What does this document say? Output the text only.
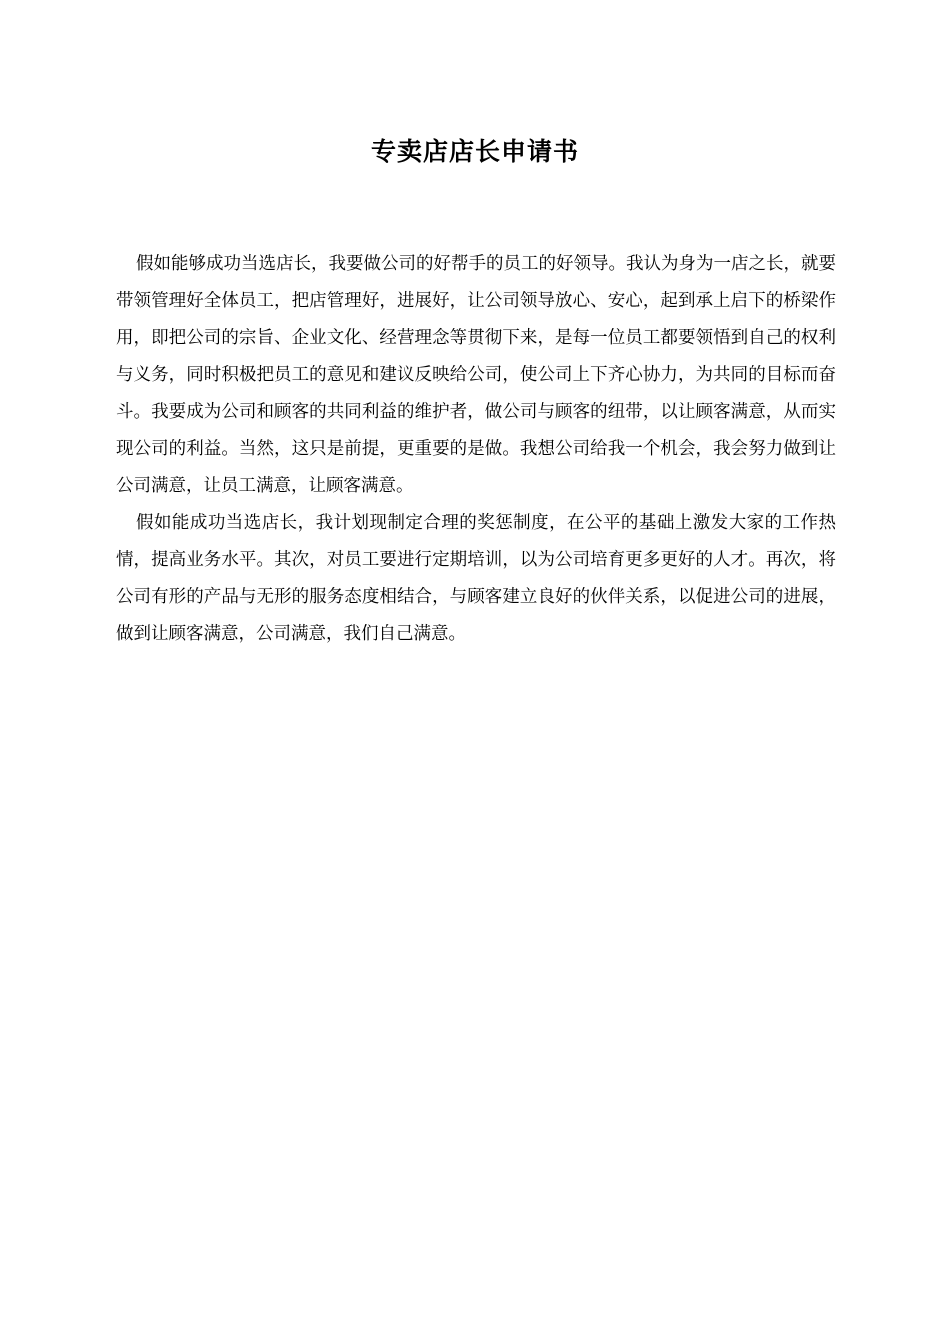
专卖店店长申请书

假如能够成功当选店长，我要做公司的好帮手的员工的好领导。我认为身为一店之长，就要带领管理好全体员工，把店管理好，进展好，让公司领导放心、安心，起到承上启下的桥梁作用，即把公司的宗旨、企业文化、经营理念等贯彻下来，是每一位员工都要领悟到自己的权利与义务，同时积极把员工的意见和建议反映给公司，使公司上下齐心协力，为共同的目标而奋斗。我要成为公司和顾客的共同利益的维护者，做公司与顾客的纽带，以让顾客满意，从而实现公司的利益。当然，这只是前提，更重要的是做。我想公司给我一个机会，我会努力做到让公司满意，让员工满意，让顾客满意。

假如能成功当选店长，我计划现制定合理的奖惩制度，在公平的基础上激发大家的工作热情，提高业务水平。其次，对员工要进行定期培训，以为公司培育更多更好的人才。再次，将公司有形的产品与无形的服务态度相结合，与顾客建立良好的伙伴关系，以促进公司的进展，做到让顾客满意，公司满意，我们自己满意。
